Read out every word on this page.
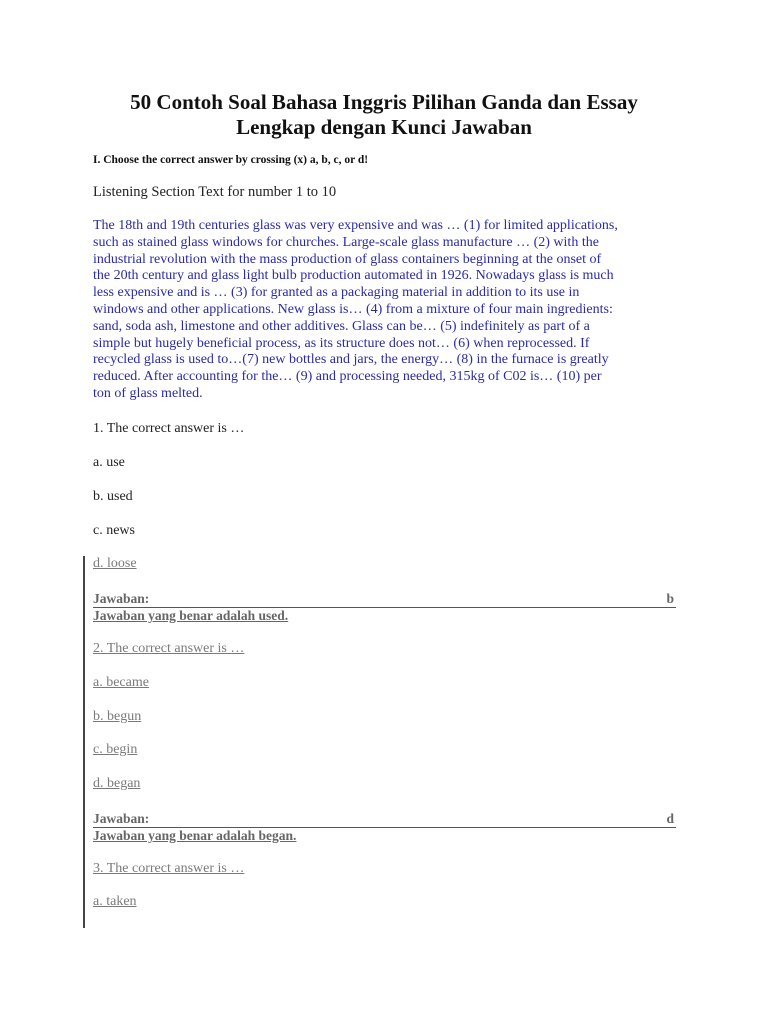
50 Contoh Soal Bahasa Inggris Pilihan Ganda dan Essay
Lengkap dengan Kunci Jawaban
I. Choose the correct answer by crossing (x) a, b, c, or d!
Listening Section Text for number 1 to 10
The 18th and 19th centuries glass was very expensive and was … (1) for limited applications,
such as stained glass windows for churches. Large-scale glass manufacture … (2) with the
industrial revolution with the mass production of glass containers beginning at the onset of
the 20th century and glass light bulb production automated in 1926. Nowadays glass is much
less expensive and is … (3) for granted as a packaging material in addition to its use in
windows and other applications. New glass is… (4) from a mixture of four main ingredients:
sand, soda ash, limestone and other additives. Glass can be… (5) indefinitely as part of a
simple but hugely beneficial process, as its structure does not… (6) when reprocessed. If
recycled glass is used to…(7) new bottles and jars, the energy… (8) in the furnace is greatly
reduced. After accounting for the… (9) and processing needed, 315kg of C02 is… (10) per
ton of glass melted.
1. The correct answer is …
a. use
b. used
c. news
d. loose
Jawaban:	b
Jawaban yang benar adalah used.
2. The correct answer is …
a. became
b. begun
c. begin
d. began
Jawaban:	d
Jawaban yang benar adalah began.
3. The correct answer is …
a. taken
